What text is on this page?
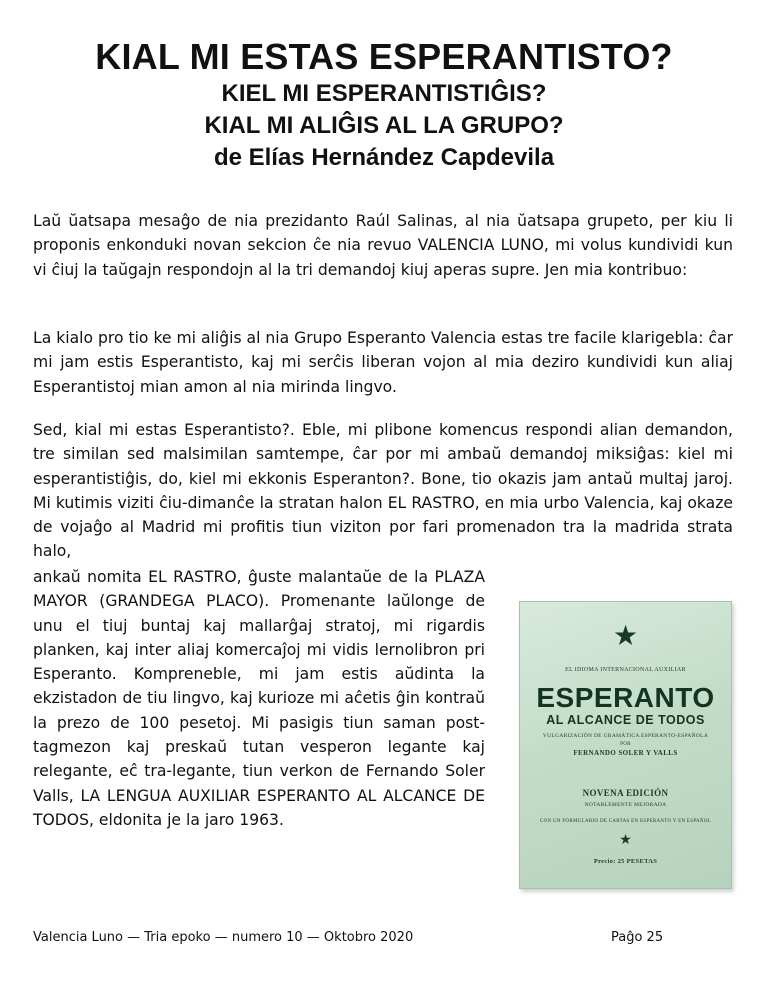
KIAL MI ESTAS ESPERANTISTO?
KIEL MI ESPERANTISTIĜIS?
KIAL MI ALIĜIS AL LA GRUPO?
de Elías Hernández Capdevila

Laŭ ŭatsapa mesaĝo de nia prezidanto Raúl Salinas, al nia ŭatsapa grupeto, per kiu li proponis enkonduki novan sekcion ĉe nia revuo VALENCIA LUNO, mi volus kundividi kun vi ĉiuj la taŭgajn respondojn al la tri demandoj kiuj aperas supre. Jen mia kontribuo:

La kialo pro tio ke mi aliĝis al nia Grupo Esperanto Valencia estas tre facile klarigebla: ĉar mi jam estis Esperantisto, kaj mi serĉis liberan vojon al mia deziro kundividi kun aliaj Esperantistoj mian amon al nia mirinda lingvo.

Sed, kial mi estas Esperantisto?. Eble, mi plibone komencus respondi alian demandon, tre similan sed malsimilan samtempe, ĉar por mi ambaŭ demandoj miksiĝas: kiel mi esperantistiĝis, do, kiel mi ekkonis Esperanton?. Bone, tio okazis jam antaŭ multaj jaroj. Mi kutimis viziti ĉiu-dimanĉe la stratan halon EL RASTRO, en mia urbo Valencia, kaj okaze de vojaĝo al Madrid mi profitis tiun viziton por fari promenadon tra la madrida strata halo,

ankaŭ nomita EL RASTRO, ĝuste malantaŭe de la PLAZA MAYOR (GRANDEGA PLACO). Promenante laŭlonge de unu el tiuj buntaj kaj mallarĝaj stratoj, mi rigardis planken, kaj inter aliaj komercaĵoj mi vidis lernolibron pri Esperanto. Kompreneble, mi jam estis aŭdinta la ekzistadon de tiu lingvo, kaj kurioze mi aĉetis ĝin kontraŭ la prezo de 100 pesetoj. Mi pasigis tiun saman post-tagmezon kaj preskaŭ tutan vesperon legante kaj relegante, eĉ tra-legante, tiun verkon de Fernando Soler Valls, LA LENGUA AUXILIAR ESPERANTO AL ALCANCE DE TODOS, eldonita je la jaro 1963.

★
EL IDIOMA INTERNACIONAL AUXILIAR
ESPERANTO
AL ALCANCE DE TODOS
VULGARIZACIÓN DE GRAMÁTICA ESPERANTO-ESPAÑOLA
POR
FERNANDO SOLER Y VALLS
NOVENA EDICIÓN
NOTABLEMENTE MEJORADA
CON UN FORMULARIO DE CARTAS EN ESPERANTO Y EN ESPAÑOL
★
Precio: 25 PESETAS
Valencia Luno — Tria epoko — numero 10 — Oktobro 2020	Paĝo 25
